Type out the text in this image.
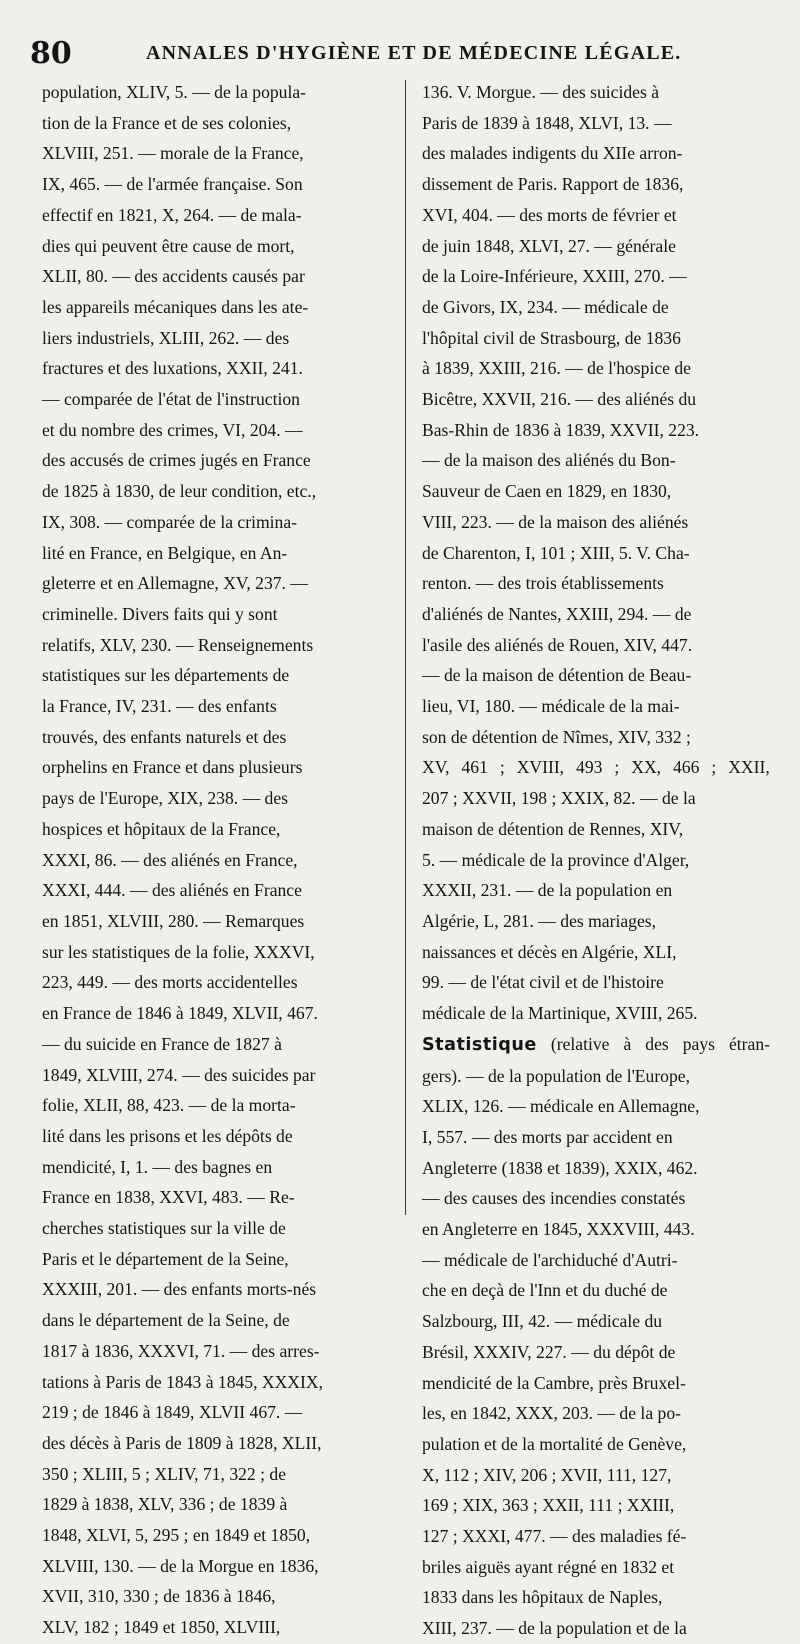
80	ANNALES D'HYGIÈNE ET DE MÉDECINE LÉGALE.
population, XLIV, 5. — de la popula-
tion de la France et de ses colonies,
XLVIII, 251. — morale de la France,
IX, 465. — de l'armée française. Son
effectif en 1821, X, 264. — de mala-
dies qui peuvent être cause de mort,
XLII, 80. — des accidents causés par
les appareils mécaniques dans les ate-
liers industriels, XLIII, 262. — des
fractures et des luxations, XXII, 241.
— comparée de l'état de l'instruction
et du nombre des crimes, VI, 204. —
des accusés de crimes jugés en France
de 1825 à 1830, de leur condition, etc.,
IX, 308. — comparée de la crimina-
lité en France, en Belgique, en An-
gleterre et en Allemagne, XV, 237. —
criminelle. Divers faits qui y sont
relatifs, XLV, 230. — Renseignements
statistiques sur les départements de
la France, IV, 231. — des enfants
trouvés, des enfants naturels et des
orphelins en France et dans plusieurs
pays de l'Europe, XIX, 238. — des
hospices et hôpitaux de la France,
XXXI, 86. — des aliénés en France,
XXXI, 444. — des aliénés en France
en 1851, XLVIII, 280. — Remarques
sur les statistiques de la folie, XXXVI,
223, 449. — des morts accidentelles
en France de 1846 à 1849, XLVII, 467.
— du suicide en France de 1827 à
1849, XLVIII, 274. — des suicides par
folie, XLII, 88, 423. — de la morta-
lité dans les prisons et les dépôts de
mendicité, I, 1. — des bagnes en
France en 1838, XXVI, 483. — Re-
cherches statistiques sur la ville de
Paris et le département de la Seine,
XXXIII, 201. — des enfants morts-nés
dans le département de la Seine, de
1817 à 1836, XXXVI, 71. — des arres-
tations à Paris de 1843 à 1845, XXXIX,
219 ; de 1846 à 1849, XLVII 467. —
des décès à Paris de 1809 à 1828, XLII,
350 ; XLIII, 5 ; XLIV, 71, 322 ; de
1829 à 1838, XLV, 336 ; de 1839 à
1848, XLVI, 5, 295 ; en 1849 et 1850,
XLVIII, 130. — de la Morgue en 1836,
XVII, 310, 330 ; de 1836 à 1846,
XLV, 182 ; 1849 et 1850, XLVIII,
136. V. Morgue. — des suicides à
Paris de 1839 à 1848, XLVI, 13. —
des malades indigents du XIIe arron-
dissement de Paris. Rapport de 1836,
XVI, 404. — des morts de février et
de juin 1848, XLVI, 27. — générale
de la Loire-Inférieure, XXIII, 270. —
de Givors, IX, 234. — médicale de
l'hôpital civil de Strasbourg, de 1836
à 1839, XXIII, 216. — de l'hospice de
Bicêtre, XXVII, 216. — des aliénés du
Bas-Rhin de 1836 à 1839, XXVII, 223.
— de la maison des aliénés du Bon-
Sauveur de Caen en 1829, en 1830,
VIII, 223. — de la maison des aliénés
de Charenton, I, 101 ; XIII, 5. V. Cha-
renton. — des trois établissements
d'aliénés de Nantes, XXIII, 294. — de
l'asile des aliénés de Rouen, XIV, 447.
— de la maison de détention de Beau-
lieu, VI, 180. — médicale de la mai-
son de détention de Nîmes, XIV, 332 ;
XV, 461 ; XVIII, 493 ; XX, 466 ; XXII,
207 ; XXVII, 198 ; XXIX, 82. — de la
maison de détention de Rennes, XIV,
5. — médicale de la province d'Alger,
XXXII, 231. — de la population en
Algérie, L, 281. — des mariages,
naissances et décès en Algérie, XLI,
99. — de l'état civil et de l'histoire
médicale de la Martinique, XVIII, 265.
Statistique (relative à des pays étran-
gers). — de la population de l'Europe,
XLIX, 126. — médicale en Allemagne,
I, 557. — des morts par accident en
Angleterre (1838 et 1839), XXIX, 462.
— des causes des incendies constatés
en Angleterre en 1845, XXXVIII, 443.
— médicale de l'archiduché d'Autri-
che en deçà de l'Inn et du duché de
Salzbourg, III, 42. — médicale du
Brésil, XXXIV, 227. — du dépôt de
mendicité de la Cambre, près Bruxel-
les, en 1842, XXX, 203. — de la po-
pulation et de la mortalité de Genève,
X, 112 ; XIV, 206 ; XVII, 111, 127,
169 ; XIX, 363 ; XXII, 111 ; XXIII,
127 ; XXXI, 477. — des maladies fé-
briles aiguës ayant régné en 1832 et
1833 dans les hôpitaux de Naples,
XIII, 237. — de la population et de la
